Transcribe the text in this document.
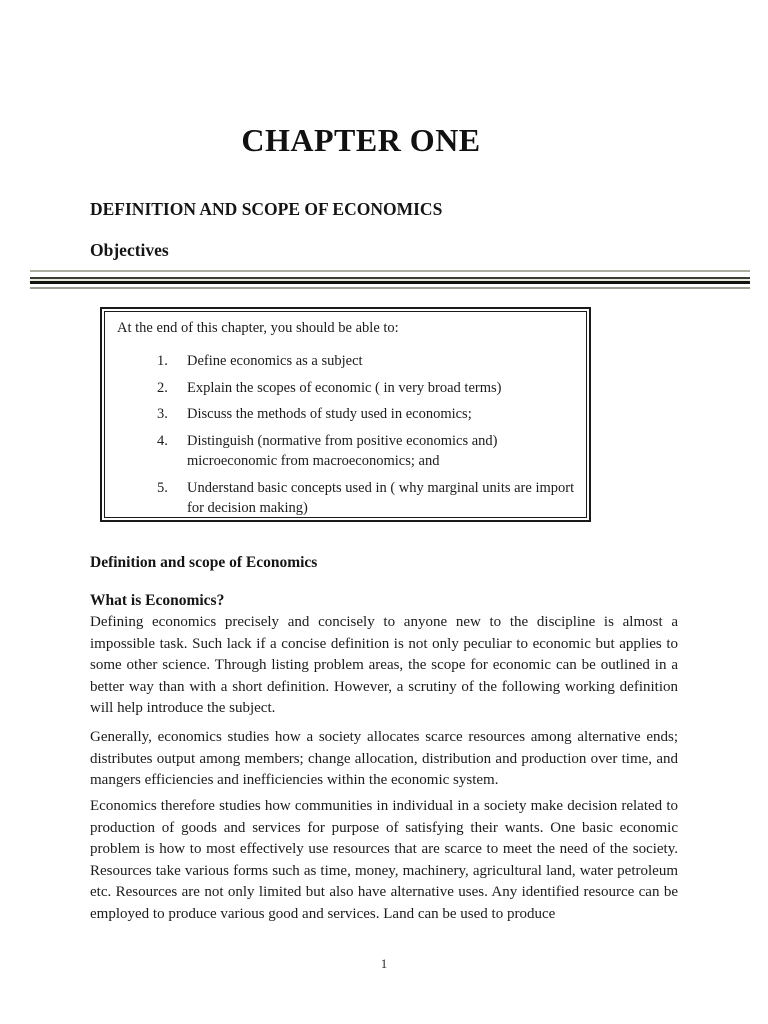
CHAPTER ONE
DEFINITION AND SCOPE OF ECONOMICS
Objectives

At the end of this chapter, you should be able to:

1.	Define economics as a subject
2.	Explain the scopes of economic ( in very broad terms)
3.	Discuss the methods of study used in economics;
4.	Distinguish (normative from positive economics and) microeconomic from macroeconomics; and
5.	Understand basic concepts used in ( why marginal units are import for decision making)
Definition and scope of Economics
What is Economics?

Defining economics precisely and concisely to anyone new to the discipline is almost a impossible task. Such lack if a concise definition is not only peculiar to economic but applies to some other science. Through listing problem areas, the scope for economic can be outlined in a better way than with a short definition. However, a scrutiny of the following working definition will help introduce the subject.

Generally, economics studies how a society allocates scarce resources among alternative ends; distributes output among members; change allocation, distribution and production over time, and mangers efficiencies and inefficiencies within the economic system.

Economics therefore studies how communities in individual in a society make decision related to production of goods and services for purpose of satisfying their wants. One basic economic problem is how to most effectively use resources that are scarce to meet the need of the society. Resources take various forms such as time, money, machinery, agricultural land, water petroleum etc. Resources are not only limited but also have alternative uses. Any identified resource can be employed to produce various good and services. Land can be used to produce

1
